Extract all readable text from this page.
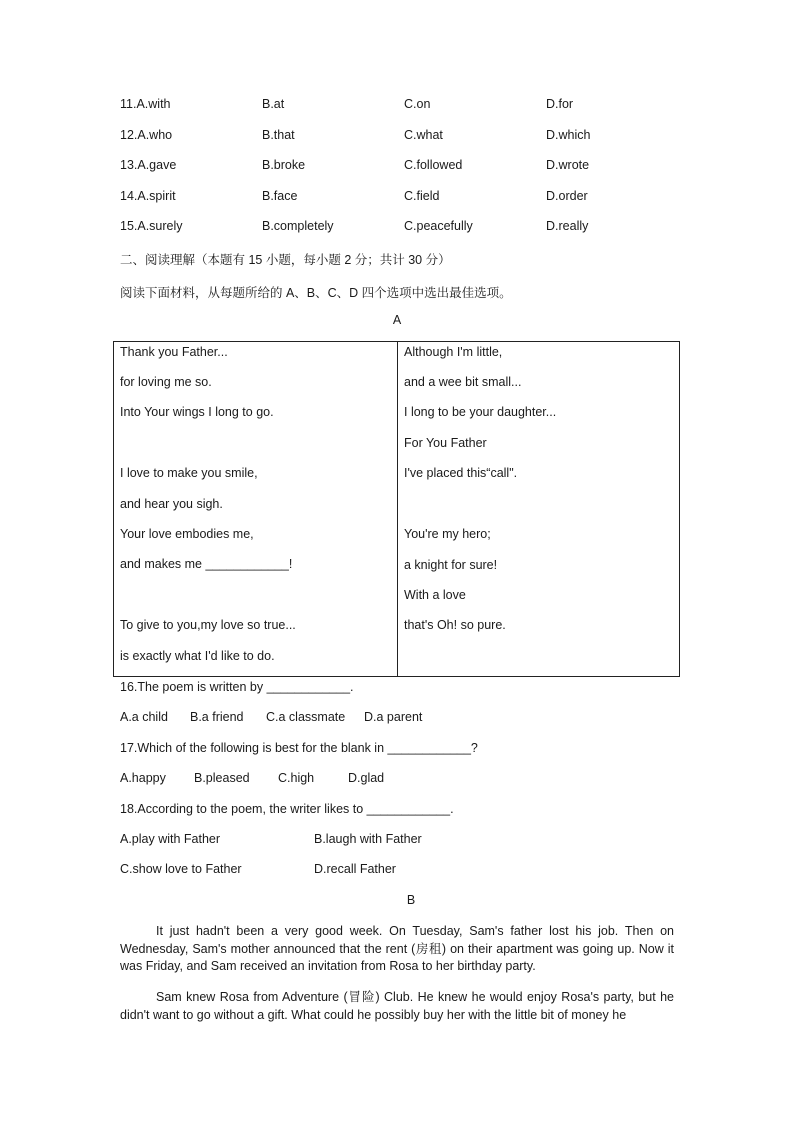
11.A.with	B.at	C.on	D.for
12.A.who	B.that	C.what	D.which
13.A.gave	B.broke	C.followed	D.wrote
14.A.spirit	B.face	C.field	D.order
15.A.surely	B.completely	C.peacefully	D.really
二、阅读理解（本题有 15 小题，每小题 2 分；共计 30 分）
阅读下面材料，从每题所给的 A、B、C、D 四个选项中选出最佳选项。
A
Thank you Father...
for loving me so.
Into Your wings I long to go.
I love to make you smile,
and hear you sigh.
Your love embodies me,
and makes me ____________!
To give to you,my love so true...
is exactly what I'd like to do.
Although I'm little,
and a wee bit small...
I long to be your daughter...
For You Father
I've placed this“call".
You're my hero;
a knight for sure!
With a love
that's Oh! so pure.
16.The poem is written by ____________.
A.a child B.a friend C.a classmate D.a parent
17.Which of the following is best for the blank in ____________?
A.happy B.pleased C.high	D.glad
18.According to the poem, the writer likes to ____________.
A.play with Father	B.laugh with Father
C.show love to Father	D.recall Father
B

It just hadn't been a very good week. On Tuesday, Sam's father lost his job. Then on Wednesday, Sam's mother announced that the rent (房租) on their apartment was going up. Now it was Friday, and Sam received an invitation from Rosa to her birthday party.

Sam knew Rosa from Adventure (冒险) Club. He knew he would enjoy Rosa's party, but he didn't want to go without a gift. What could he possibly buy her with the little bit of money he
